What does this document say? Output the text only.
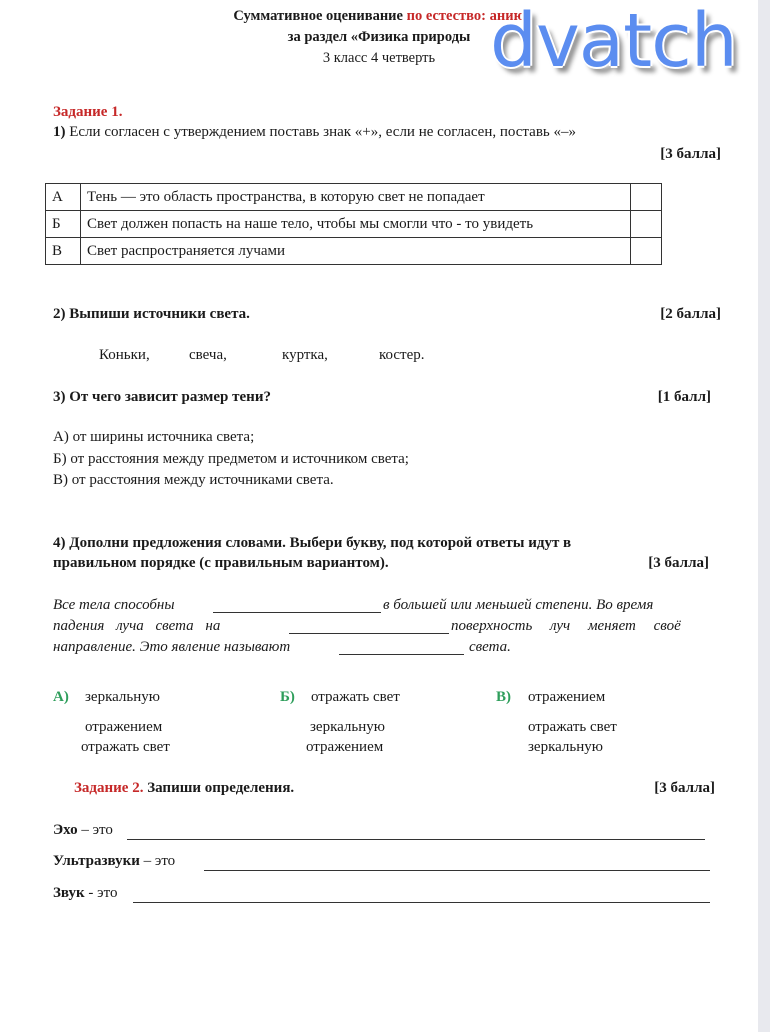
Суммативное оценивание по естество: анию
за раздел «Физика природы
3 класс 4 четверть
Задание 1.
1) Если согласен с утверждением поставь знак «+», если не согласен, поставь «–»
[3 балла]
А	Тень — это область пространства, в которую свет не попадает	
Б	Свет должен попасть на наше тело, чтобы мы смогли что - то увидеть	
В	Свет распространяется лучами	
2) Выпиши источники света.	[2 балла]
Коньки,	свеча,	куртка,	костер.
3) От чего зависит размер тени?	[1 балл]
А) от ширины источника света;
Б) от расстояния между предметом и источником света;
В) от расстояния между источниками света.
4) Дополни предложения словами. Выбери букву, под которой ответы идут в
правильном порядке (с правильным вариантом).	[3 балла]
Все тела способны	в большей или меньшей степени. Во время
падения луча света на	поверхность луч меняет своё
направление. Это явление называют	света.
А) зеркальную
отражением
отражать свет
Б) отражать свет
зеркальную
отражением
В) отражением
отражать свет
зеркальную
Задание 2. Запиши определения.	[3 балла]
Эхо – это
Ультразвуки – это
Звук - это
dvatch
